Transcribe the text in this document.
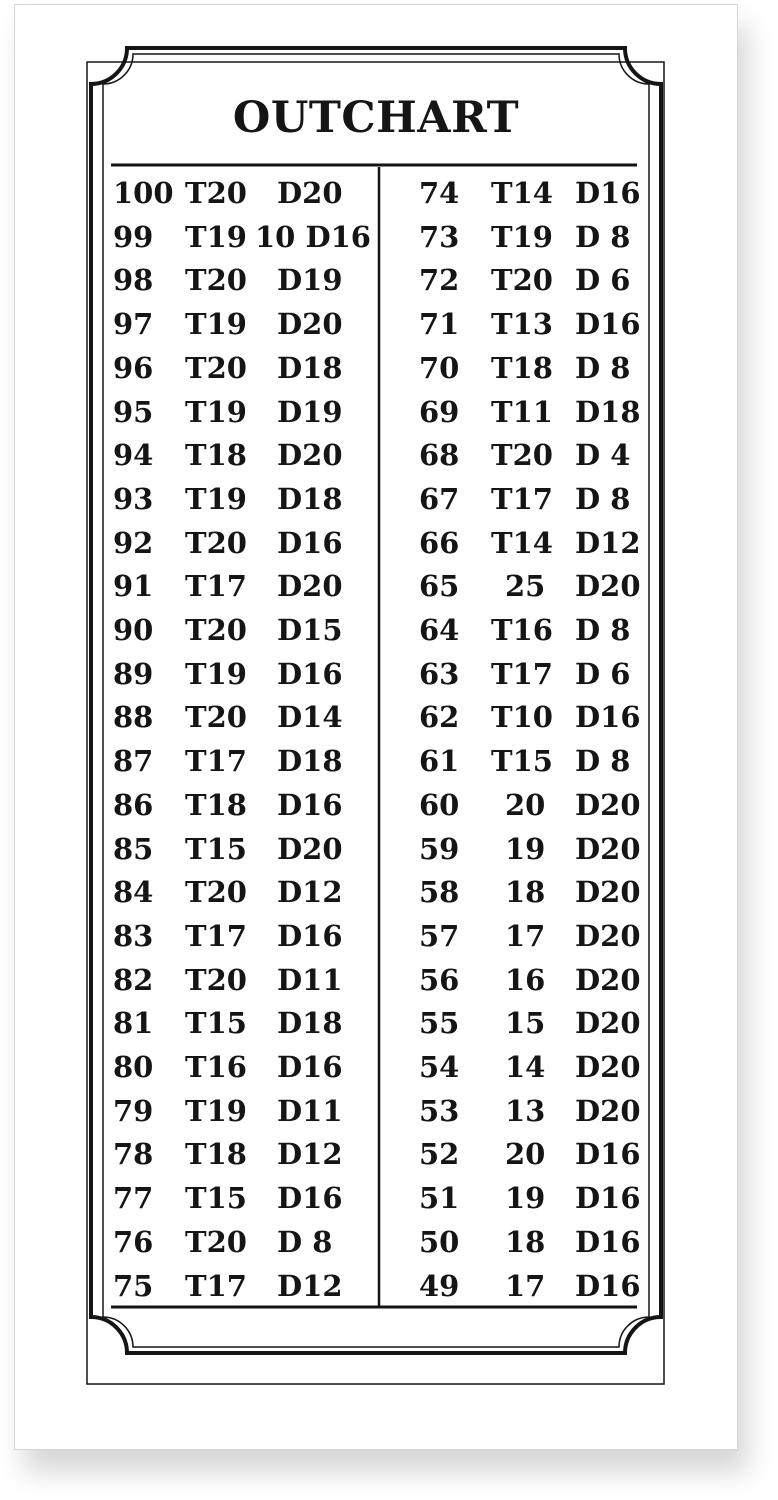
OUTCHART
100 T20 D20
99 T19 10 D16
98 T20 D19
97 T19 D20
96 T20 D18
95 T19 D19
94 T18 D20
93 T19 D18
92 T20 D16
91 T17 D20
90 T20 D15
89 T19 D16
88 T20 D14
87 T17 D18
86 T18 D16
85 T15 D20
84 T20 D12
83 T17 D16
82 T20 D11
81 T15 D18
80 T16 D16
79 T19 D11
78 T18 D12
77 T15 D16
76 T20 D 8
75 T17 D12
74 T14 D16
73 T19 D 8
72 T20 D 6
71 T13 D16
70 T18 D 8
69 T11 D18
68 T20 D 4
67 T17 D 8
66 T14 D12
65 25 D20
64 T16 D 8
63 T17 D 6
62 T10 D16
61 T15 D 8
60 20 D20
59 19 D20
58 18 D20
57 17 D20
56 16 D20
55 15 D20
54 14 D20
53 13 D20
52 20 D16
51 19 D16
50 18 D16
49 17 D16
